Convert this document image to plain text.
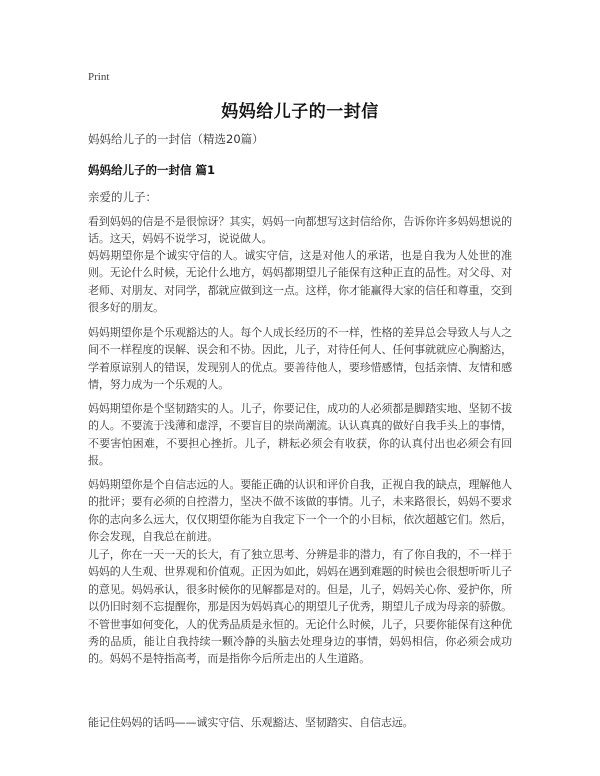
Print
妈妈给儿子的一封信
妈妈给儿子的一封信（精选20篇）
妈妈给儿子的一封信 篇1
亲爱的儿子：

看到妈妈的信是不是很惊讶？其实，妈妈一向都想写这封信给你，告诉你许多妈妈想说的话。这天，妈妈不说学习，说说做人。

妈妈期望你是个诚实守信的人。诚实守信，这是对他人的承诺，也是自我为人处世的准则。无论什么时候，无论什么地方，妈妈都期望儿子能保有这种正直的品性。对父母、对老师、对朋友、对同学，都就应做到这一点。这样，你才能赢得大家的信任和尊重，交到很多好的朋友。

妈妈期望你是个乐观豁达的人。每个人成长经历的不一样，性格的差异总会导致人与人之间不一样程度的误解、误会和不协。因此，儿子，对待任何人、任何事就就应心胸豁达，学着原谅别人的错误，发现别人的优点。要善待他人，要珍惜感情，包括亲情、友情和感情，努力成为一个乐观的人。

妈妈期望你是个坚韧踏实的人。儿子，你要记住，成功的人必须都是脚踏实地、坚韧不拔的人。不要流于浅薄和虚浮，不要盲目的崇尚潮流。认认真真的做好自我手头上的事情，不要害怕困难，不要担心挫折。儿子，耕耘必须会有收获，你的认真付出也必须会有回报。

妈妈期望你是个自信志远的人。要能正确的认识和评价自我，正视自我的缺点，理解他人的批评；要有必须的自控潜力，坚决不做不该做的事情。儿子，未来路很长，妈妈不要求你的志向多么远大，仅仅期望你能为自我定下一个一个的小目标，依次超越它们。然后，你会发现，自我总在前进。

儿子，你在一天一天的长大，有了独立思考、分辨是非的潜力，有了你自我的，不一样于妈妈的人生观、世界观和价值观。正因为如此，妈妈在遇到难题的时候也会很想听听儿子的意见。妈妈承认，很多时候你的见解都是对的。但是，儿子，妈妈关心你、爱护你，所以仍旧时刻不忘提醒你，那是因为妈妈真心的期望儿子优秀，期望儿子成为母亲的骄傲。不管世事如何变化，人的优秀品质是永恒的。无论什么时候，儿子，只要你能保有这种优秀的品质，能让自我持续一颗冷静的头脑去处理身边的事情，妈妈相信，你必须会成功的。妈妈不是特指高考，而是指你今后所走出的人生道路。

能记住妈妈的话吗——诚实守信、乐观豁达、坚韧踏实、自信志远。
